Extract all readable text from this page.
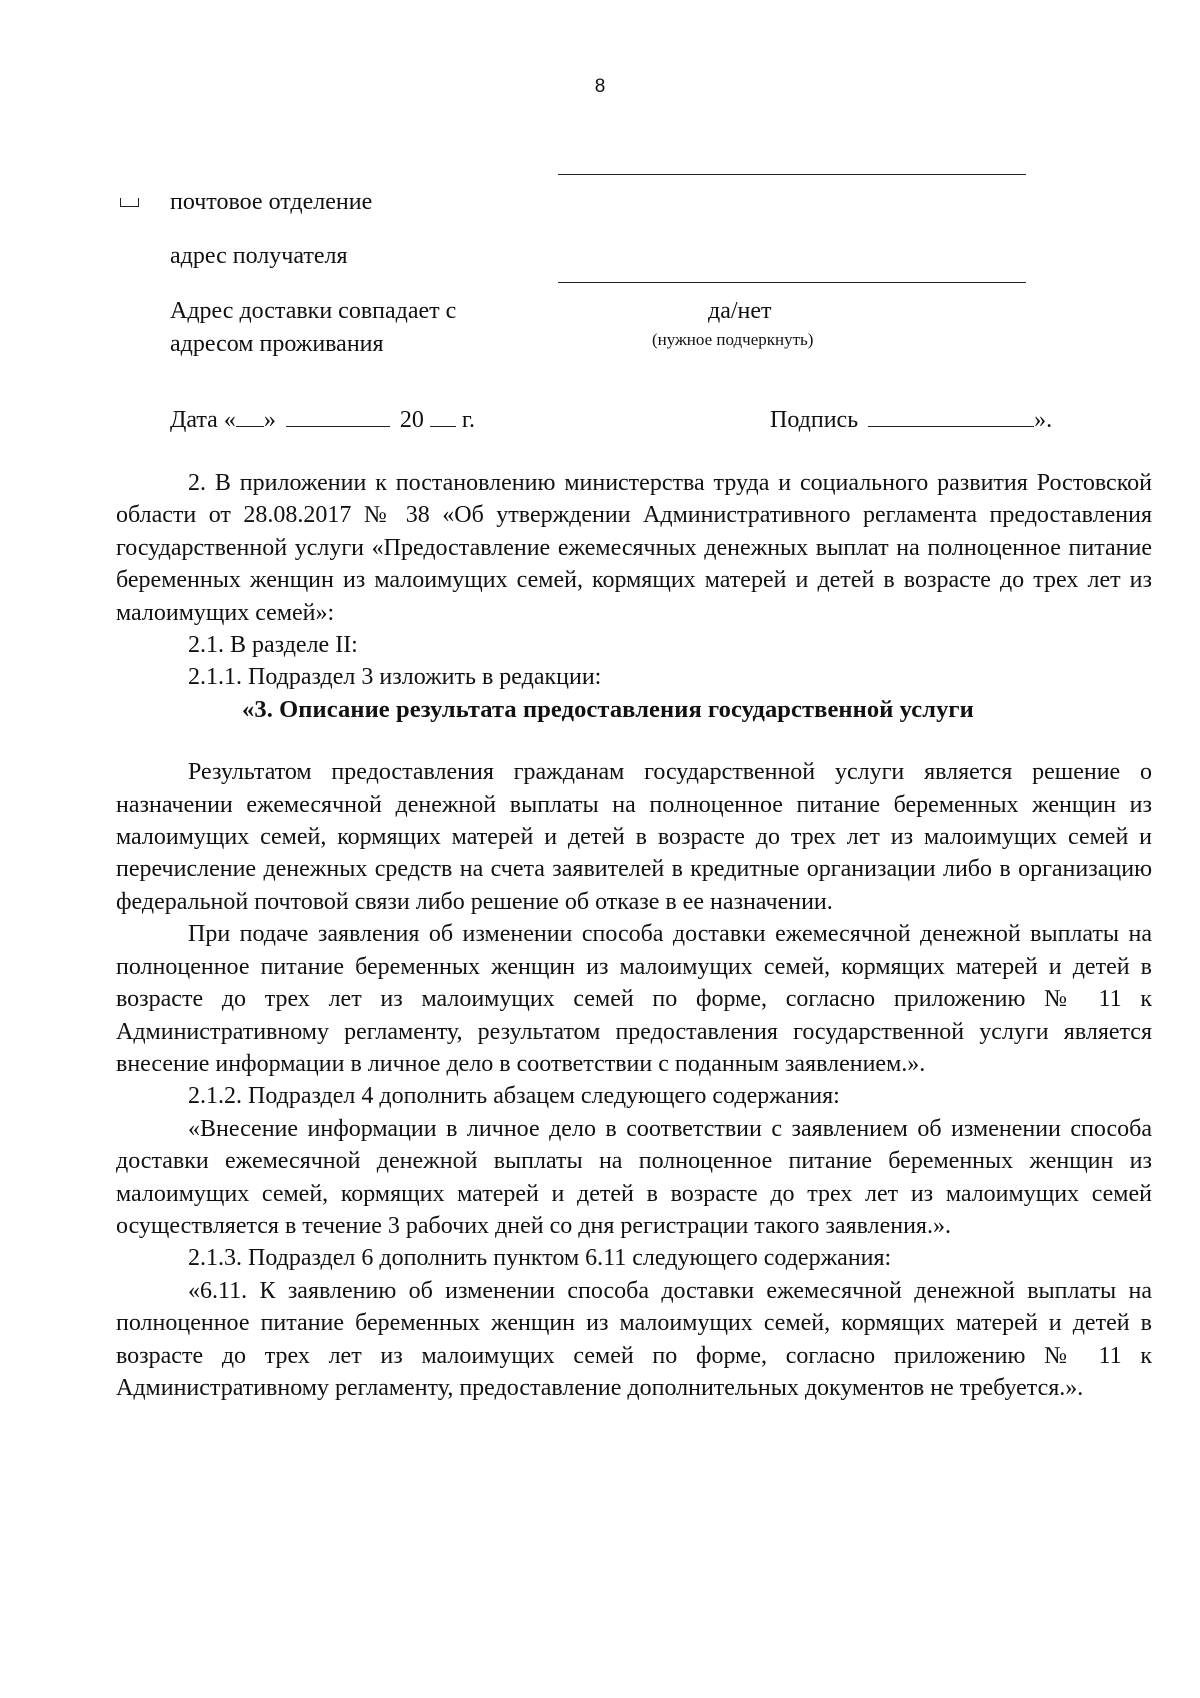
8
почтовое отделение
адрес получателя
Адрес доставки совпадает с
адресом проживания
да/нет
(нужное подчеркнуть)
Дата « »	20 г.	Подпись	».

2. В приложении к постановлению министерства труда и социального развития Ростовской области от 28.08.2017 № 38 «Об утверждении Административного регламента предоставления государственной услуги «Предоставление ежемесячных денежных выплат на полноценное питание беременных женщин из малоимущих семей, кормящих матерей и детей в возрасте до трех лет из малоимущих семей»:

2.1. В разделе II:

2.1.1. Подраздел 3 изложить в редакции:

«3. Описание результата предоставления государственной услуги

Результатом предоставления гражданам государственной услуги является решение о назначении ежемесячной денежной выплаты на полноценное питание беременных женщин из малоимущих семей, кормящих матерей и детей в возрасте до трех лет из малоимущих семей и перечисление денежных средств на счета заявителей в кредитные организации либо в организацию федеральной почтовой связи либо решение об отказе в ее назначении.

При подаче заявления об изменении способа доставки ежемесячной денежной выплаты на полноценное питание беременных женщин из малоимущих семей, кормящих матерей и детей в возрасте до трех лет из малоимущих семей по форме, согласно приложению № 11 к Административному регламенту, результатом предоставления государственной услуги является внесение информации в личное дело в соответствии с поданным заявлением.».

2.1.2. Подраздел 4 дополнить абзацем следующего содержания:

«Внесение информации в личное дело в соответствии с заявлением об изменении способа доставки ежемесячной денежной выплаты на полноценное питание беременных женщин из малоимущих семей, кормящих матерей и детей в возрасте до трех лет из малоимущих семей осуществляется в течение 3 рабочих дней со дня регистрации такого заявления.».

2.1.3. Подраздел 6 дополнить пунктом 6.11 следующего содержания:

«6.11. К заявлению об изменении способа доставки ежемесячной денежной выплаты на полноценное питание беременных женщин из малоимущих семей, кормящих матерей и детей в возрасте до трех лет из малоимущих семей по форме, согласно приложению № 11 к Административному регламенту, предоставление дополнительных документов не требуется.».
